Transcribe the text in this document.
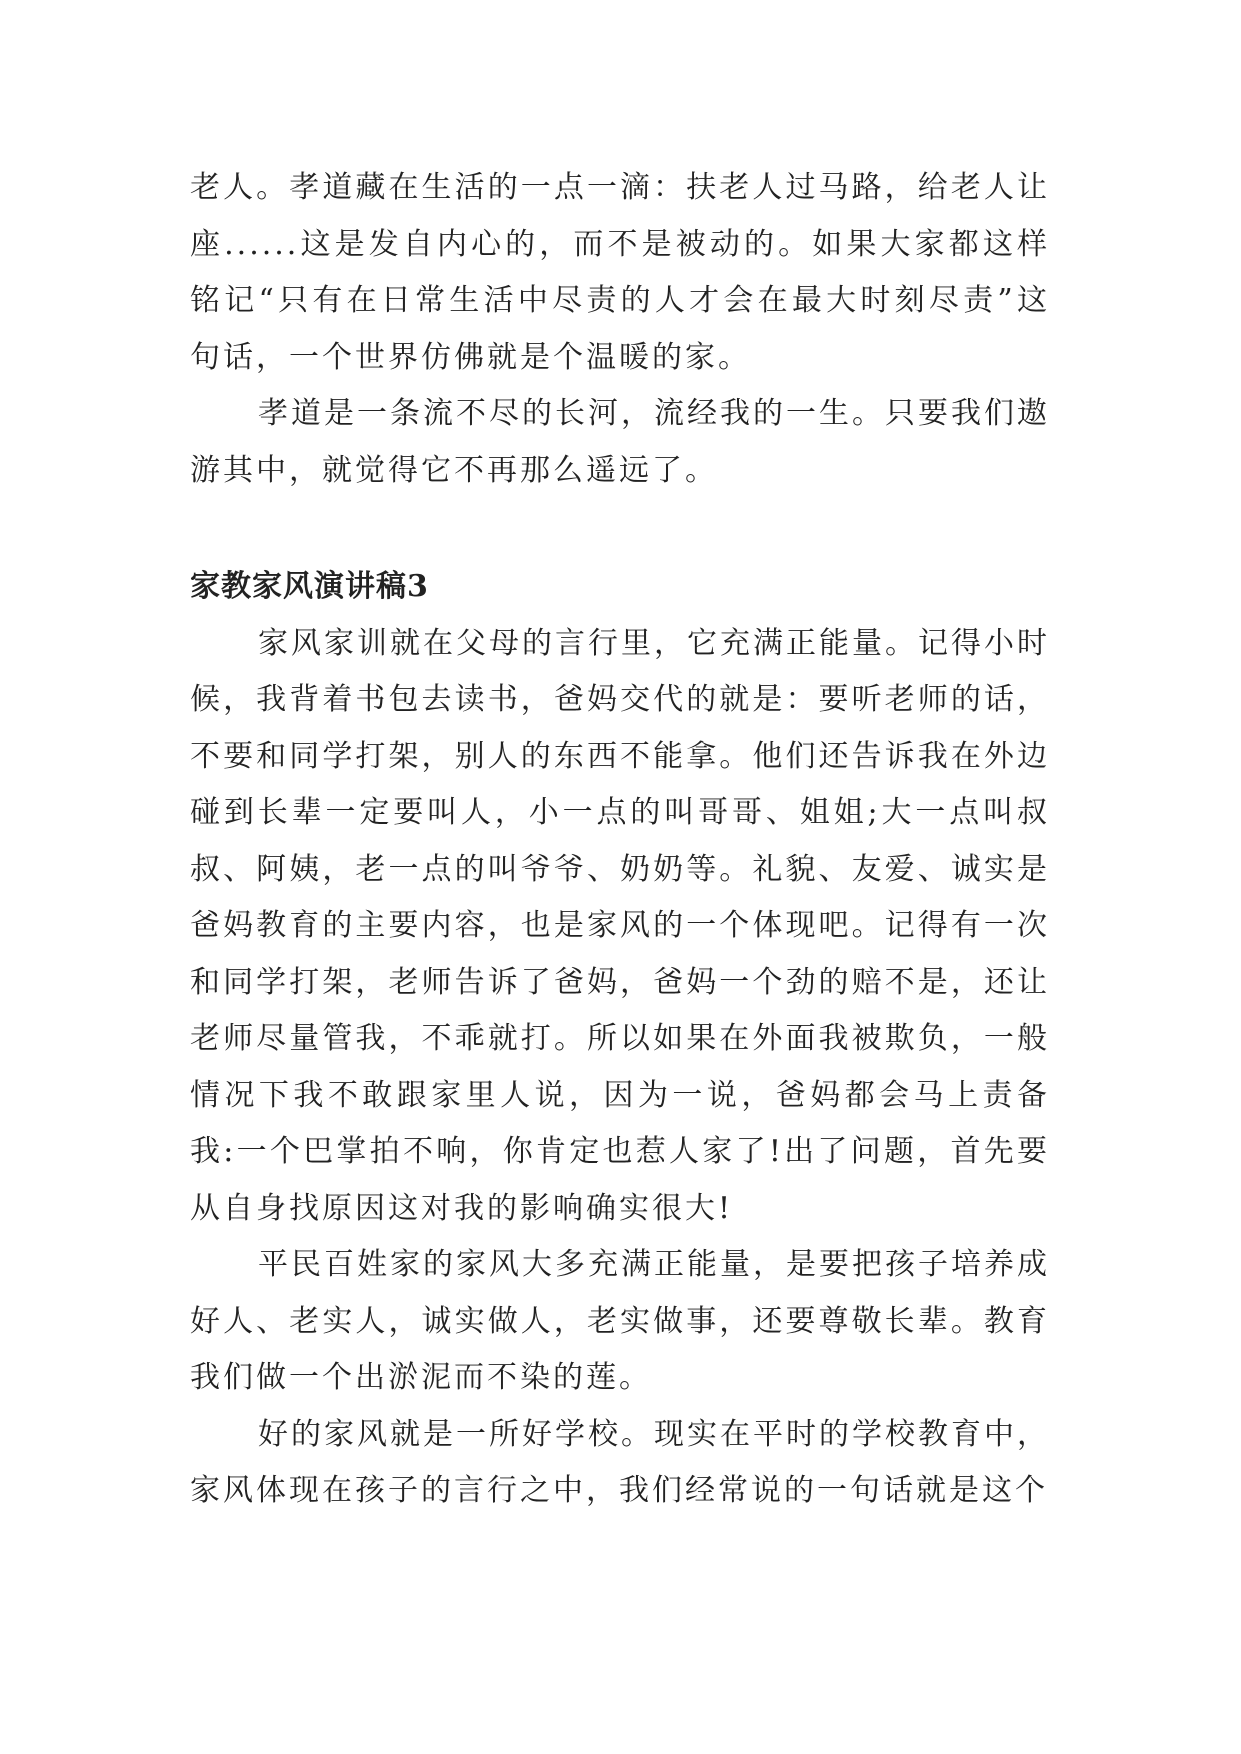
老人。孝道藏在生活的一点一滴：扶老人过马路，给老人让座......这是发自内心的，而不是被动的。如果大家都这样铭记“只有在日常生活中尽责的人才会在最大时刻尽责”这句话，一个世界仿佛就是个温暖的家。

孝道是一条流不尽的长河，流经我的一生。只要我们遨游其中，就觉得它不再那么遥远了。

家教家风演讲稿3

家风家训就在父母的言行里，它充满正能量。记得小时候，我背着书包去读书，爸妈交代的就是：要听老师的话，不要和同学打架，别人的东西不能拿。他们还告诉我在外边碰到长辈一定要叫人，小一点的叫哥哥、姐姐;大一点叫叔叔、阿姨，老一点的叫爷爷、奶奶等。礼貌、友爱、诚实是爸妈教育的主要内容，也是家风的一个体现吧。记得有一次和同学打架，老师告诉了爸妈，爸妈一个劲的赔不是，还让老师尽量管我，不乖就打。所以如果在外面我被欺负，一般情况下我不敢跟家里人说，因为一说，爸妈都会马上责备我:一个巴掌拍不响，你肯定也惹人家了!出了问题，首先要从自身找原因这对我的影响确实很大!

平民百姓家的家风大多充满正能量，是要把孩子培养成好人、老实人，诚实做人，老实做事，还要尊敬长辈。教育我们做一个出淤泥而不染的莲。

好的家风就是一所好学校。现实在平时的学校教育中，家风体现在孩子的言行之中，我们经常说的一句话就是这个
